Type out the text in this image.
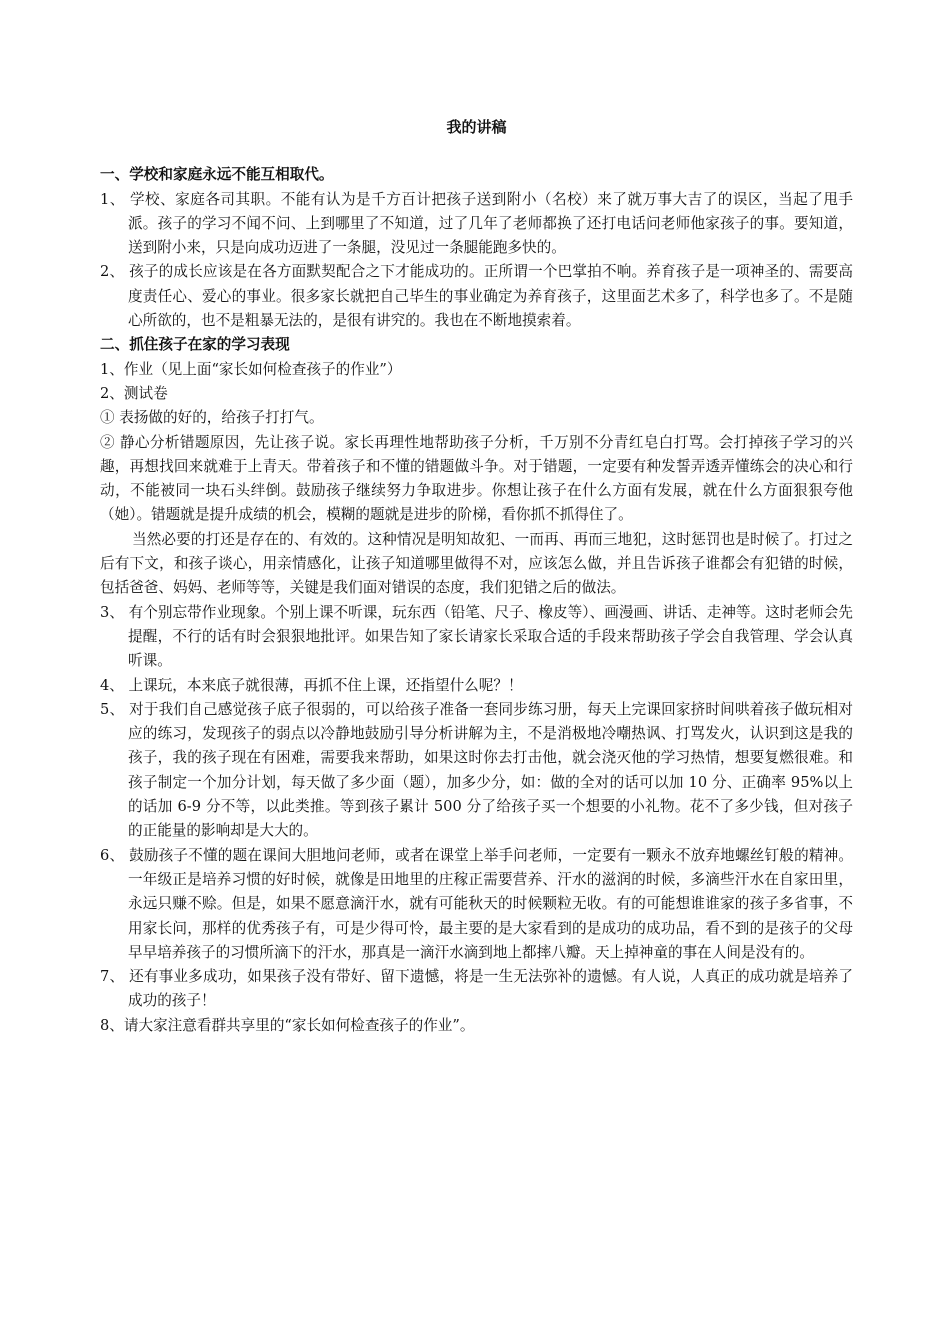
我的讲稿

一、学校和家庭永远不能互相取代。

1、 学校、家庭各司其职。不能有认为是千方百计把孩子送到附小（名校）来了就万事大吉了的误区，当起了甩手派。孩子的学习不闻不问、上到哪里了不知道，过了几年了老师都换了还打电话问老师他家孩子的事。要知道，送到附小来，只是向成功迈进了一条腿，没见过一条腿能跑多快的。

2、 孩子的成长应该是在各方面默契配合之下才能成功的。正所谓一个巴掌拍不响。养育孩子是一项神圣的、需要高度责任心、爱心的事业。很多家长就把自己毕生的事业确定为养育孩子，这里面艺术多了，科学也多了。不是随心所欲的，也不是粗暴无法的，是很有讲究的。我也在不断地摸索着。

二、抓住孩子在家的学习表现

1、作业（见上面“家长如何检查孩子的作业”）

2、测试卷

① 表扬做的好的，给孩子打打气。

② 静心分析错题原因，先让孩子说。家长再理性地帮助孩子分析，千万别不分青红皂白打骂。会打掉孩子学习的兴趣，再想找回来就难于上青天。带着孩子和不懂的错题做斗争。对于错题，一定要有种发誓弄透弄懂练会的决心和行动，不能被同一块石头绊倒。鼓励孩子继续努力争取进步。你想让孩子在什么方面有发展，就在什么方面狠狠夸他（她）。错题就是提升成绩的机会，模糊的题就是进步的阶梯，看你抓不抓得住了。

当然必要的打还是存在的、有效的。这种情况是明知故犯、一而再、再而三地犯，这时惩罚也是时候了。打过之后有下文，和孩子谈心，用亲情感化，让孩子知道哪里做得不对，应该怎么做，并且告诉孩子谁都会有犯错的时候，包括爸爸、妈妈、老师等等，关键是我们面对错误的态度，我们犯错之后的做法。

3、 有个别忘带作业现象。个别上课不听课，玩东西（铅笔、尺子、橡皮等）、画漫画、讲话、走神等。这时老师会先提醒，不行的话有时会狠狠地批评。如果告知了家长请家长采取合适的手段来帮助孩子学会自我管理、学会认真听课。

4、 上课玩，本来底子就很薄，再抓不住上课，还指望什么呢？！

5、 对于我们自己感觉孩子底子很弱的，可以给孩子准备一套同步练习册，每天上完课回家挤时间哄着孩子做玩相对应的练习，发现孩子的弱点以冷静地鼓励引导分析讲解为主，不是消极地冷嘲热讽、打骂发火，认识到这是我的孩子，我的孩子现在有困难，需要我来帮助，如果这时你去打击他，就会浇灭他的学习热情，想要复燃很难。和孩子制定一个加分计划，每天做了多少面（题），加多少分，如：做的全对的话可以加 10 分、正确率 95%以上的话加 6-9 分不等，以此类推。等到孩子累计 500 分了给孩子买一个想要的小礼物。花不了多少钱，但对孩子的正能量的影响却是大大的。

6、 鼓励孩子不懂的题在课间大胆地问老师，或者在课堂上举手问老师，一定要有一颗永不放弃地螺丝钉般的精神。一年级正是培养习惯的好时候，就像是田地里的庄稼正需要营养、汗水的滋润的时候，多滴些汗水在自家田里，永远只赚不赊。但是，如果不愿意滴汗水，就有可能秋天的时候颗粒无收。有的可能想谁谁家的孩子多省事，不用家长问，那样的优秀孩子有，可是少得可怜，最主要的是大家看到的是成功的成功品，看不到的是孩子的父母早早培养孩子的习惯所滴下的汗水，那真是一滴汗水滴到地上都摔八瓣。天上掉神童的事在人间是没有的。

7、 还有事业多成功，如果孩子没有带好、留下遗憾，将是一生无法弥补的遗憾。有人说，人真正的成功就是培养了成功的孩子！

8、请大家注意看群共享里的“家长如何检查孩子的作业”。
